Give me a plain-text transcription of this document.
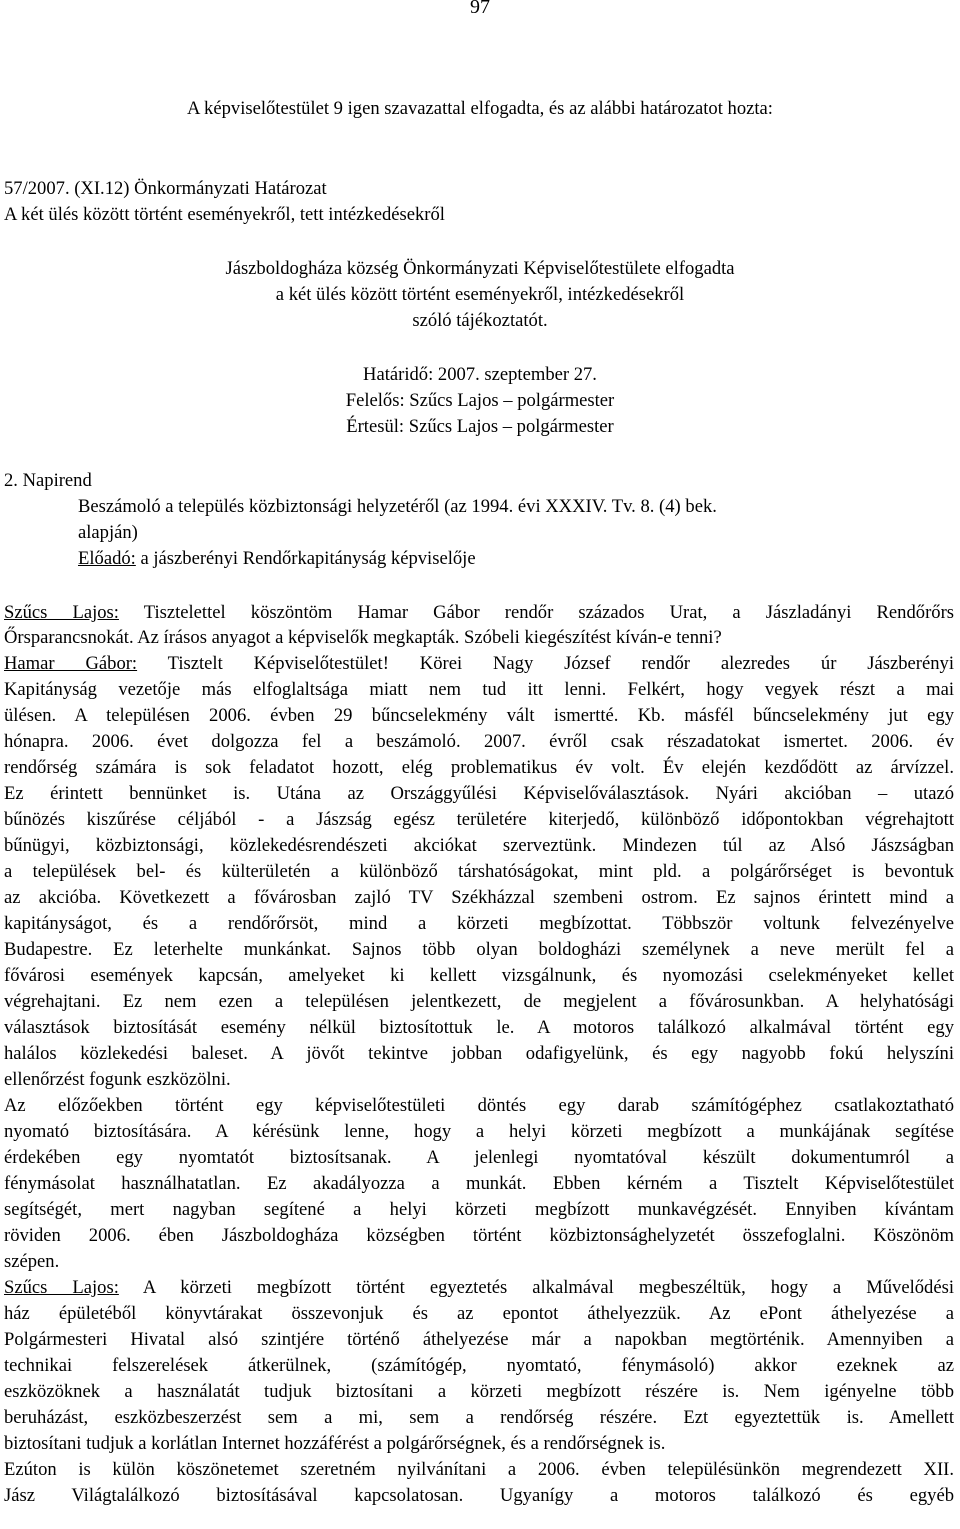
97
A képviselőtestület 9 igen szavazattal elfogadta, és az alábbi határozatot hozta:
57/2007. (XI.12) Önkormányzati Határozat
A két ülés között történt eseményekről, tett intézkedésekről
Jászboldogháza község Önkormányzati Képviselőtestülete elfogadta
a két ülés között történt eseményekről, intézkedésekről
szóló tájékoztatót.
Határidő: 2007. szeptember 27.
Felelős: Szűcs Lajos – polgármester
Értesül: Szűcs Lajos – polgármester
2. Napirend
Beszámoló a település közbiztonsági helyzetéről (az 1994. évi XXXIV. Tv. 8. (4) bek.
alapján)
Előadó: a jászberényi Rendőrkapitányság képviselője
Szűcs Lajos: Tisztelettel köszöntöm Hamar Gábor rendőr százados Urat, a Jászladányi Rendőrőrs
Őrsparancsnokát. Az írásos anyagot a képviselők megkapták. Szóbeli kiegészítést kíván-e tenni?
Hamar Gábor: Tisztelt Képviselőtestület! Körei Nagy József rendőr alezredes úr Jászberényi
Kapitányság vezetője más elfoglaltsága miatt nem tud itt lenni. Felkért, hogy vegyek részt a mai
ülésen. A településen 2006. évben 29 bűncselekmény vált ismertté. Kb. másfél bűncselekmény jut egy
hónapra. 2006. évet dolgozza fel a beszámoló. 2007. évről csak részadatokat ismertet. 2006. év
rendőrség számára is sok feladatot hozott, elég problematikus év volt. Év elején kezdődött az árvízzel.
Ez érintett bennünket is. Utána az Országgyűlési Képviselőválasztások. Nyári akcióban – utazó
bűnözés kiszűrése céljából - a Jászság egész területére kiterjedő, különböző időpontokban végrehajtott
bűnügyi, közbiztonsági, közlekedésrendészeti akciókat szerveztünk. Mindezen túl az Alsó Jászságban
a települések bel- és külterületén a különböző társhatóságokat, mint pld. a polgárőrséget is bevontuk
az akcióba. Következett a fővárosban zajló TV Székházzal szembeni ostrom. Ez sajnos érintett mind a
kapitányságot, és a rendőrőrsöt, mind a körzeti megbízottat. Többször voltunk felvezényelve
Budapestre. Ez leterhelte munkánkat. Sajnos több olyan boldogházi személynek a neve merült fel a
fővárosi események kapcsán, amelyeket ki kellett vizsgálnunk, és nyomozási cselekményeket kellet
végrehajtani. Ez nem ezen a településen jelentkezett, de megjelent a fővárosunkban. A helyhatósági
választások biztosítását esemény nélkül biztosítottuk le. A motoros találkozó alkalmával történt egy
halálos közlekedési baleset. A jövőt tekintve jobban odafigyelünk, és egy nagyobb fokú helyszíni
ellenőrzést fogunk eszközölni.
Az előzőekben történt egy képviselőtestületi döntés egy darab számítógéphez csatlakoztatható
nyomató biztosítására. A kérésünk lenne, hogy a helyi körzeti megbízott a munkájának segítése
érdekében egy nyomtatót biztosítsanak. A jelenlegi nyomtatóval készült dokumentumról a
fénymásolat használhatatlan. Ez akadályozza a munkát. Ebben kérném a Tisztelt Képviselőtestület
segítségét, mert nagyban segítené a helyi körzeti megbízott munkavégzését. Ennyiben kívántam
röviden 2006. ében Jászboldogháza községben történt közbiztonsághelyzetét összefoglalni. Köszönöm
szépen.
Szűcs Lajos: A körzeti megbízott történt egyeztetés alkalmával megbeszéltük, hogy a Művelődési
ház épületéből könyvtárakat összevonjuk és az epontot áthelyezzük. Az ePont áthelyezése a
Polgármesteri Hivatal alsó szintjére történő áthelyezése már a napokban megtörténik. Amennyiben a
technikai felszerelések átkerülnek, (számítógép, nyomtató, fénymásoló) akkor ezeknek az
eszközöknek a használatát tudjuk biztosítani a körzeti megbízott részére is. Nem igényelne több
beruházást, eszközbeszerzést sem a mi, sem a rendőrség részére. Ezt egyeztettük is. Amellett
biztosítani tudjuk a korlátlan Internet hozzáférést a polgárőrségnek, és a rendőrségnek is.
Ezúton is külön köszönetemet szeretném nyilvánítani a 2006. évben településünkön megrendezett XII.
Jász Világtalálkozó biztosításával kapcsolatosan. Ugyanígy a motoros találkozó és egyéb
